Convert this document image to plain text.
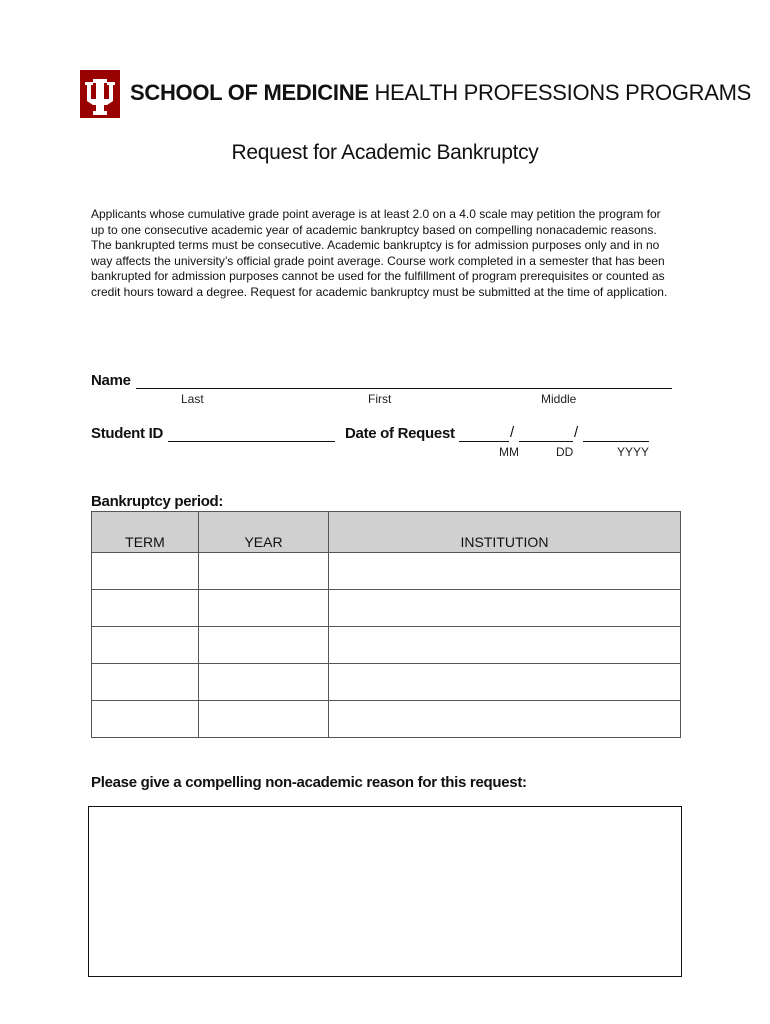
SCHOOL OF MEDICINE HEALTH PROFESSIONS PROGRAMS
Request for Academic Bankruptcy
Applicants whose cumulative grade point average is at least 2.0 on a 4.0 scale may petition the program for up to one consecutive academic year of academic bankruptcy based on compelling nonacademic reasons. The bankrupted terms must be consecutive. Academic bankruptcy is for admission purposes only and in no way affects the university’s official grade point average. Course work completed in a semester that has been bankrupted for admission purposes cannot be used for the fulfillment of program prerequisites or counted as credit hours toward a degree. Request for academic bankruptcy must be submitted at the time of application.
Name
Last	First	Middle
Student ID	Date of Request	/	/
MM	DD	YYYY
Bankruptcy period:
TERM	YEAR	INSTITUTION

Please give a compelling non-academic reason for this request:
